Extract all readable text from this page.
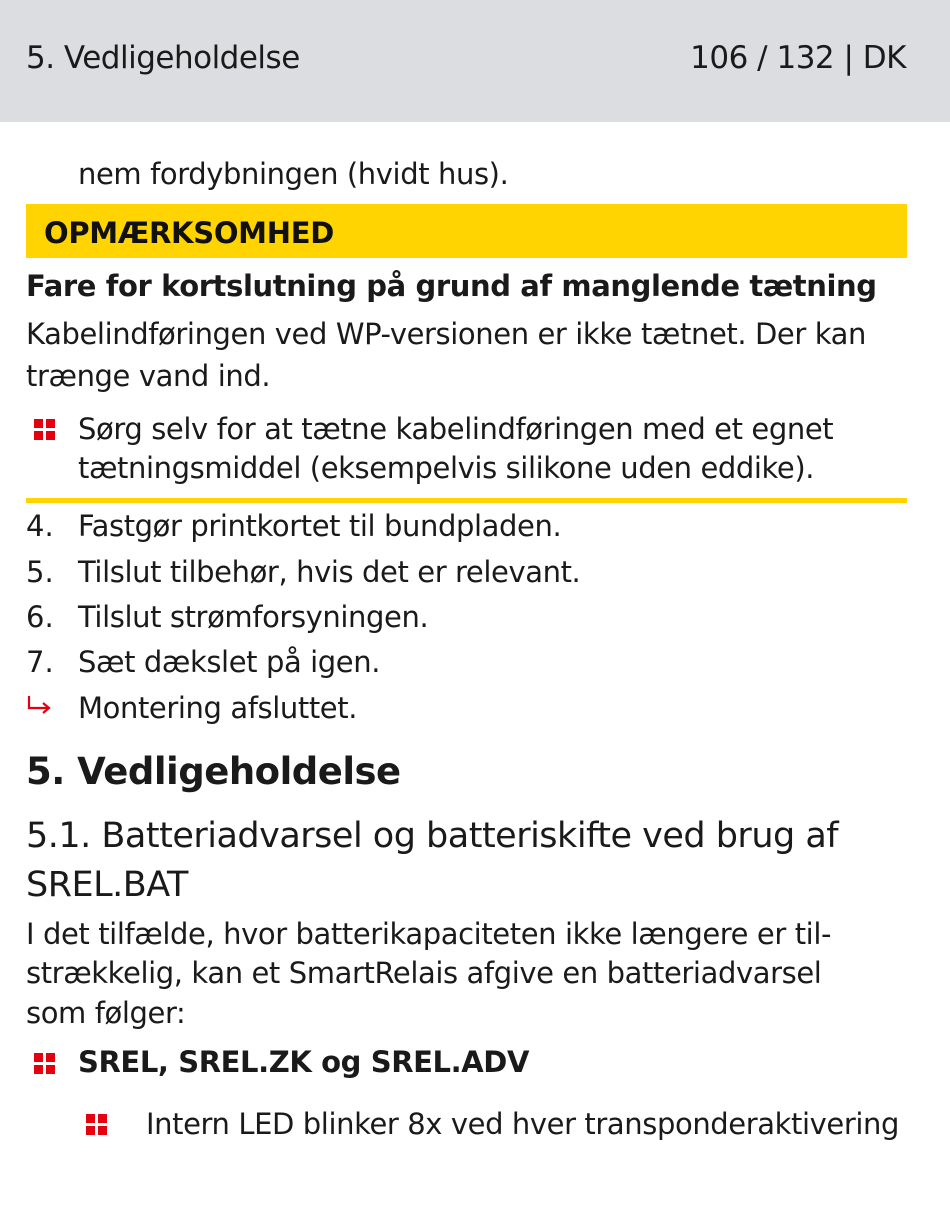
5. Vedligeholdelse	106 / 132 | DK
nem fordybningen (hvidt hus).
OPMÆRKSOMHED
Fare for kortslutning på grund af manglende tætning
Kabelindføringen ved WP-versionen er ikke tætnet. Der kan
trænge vand ind.
Sørg selv for at tætne kabelindføringen med et egnet
tætningsmiddel (eksempelvis silikone uden eddike).
4. Fastgør printkortet til bundpladen.
5. Tilslut tilbehør, hvis det er relevant.
6. Tilslut strømforsyningen.
7. Sæt dækslet på igen.
Montering afsluttet.
5. Vedligeholdelse
5.1. Batteriadvarsel og batteriskifte ved brug af
SREL.BAT
I det tilfælde, hvor batterikapaciteten ikke længere er til-
strækkelig, kan et SmartRelais afgive en batteriadvarsel
som følger:
SREL, SREL.ZK og SREL.ADV
Intern LED blinker 8x ved hver transponderaktivering
